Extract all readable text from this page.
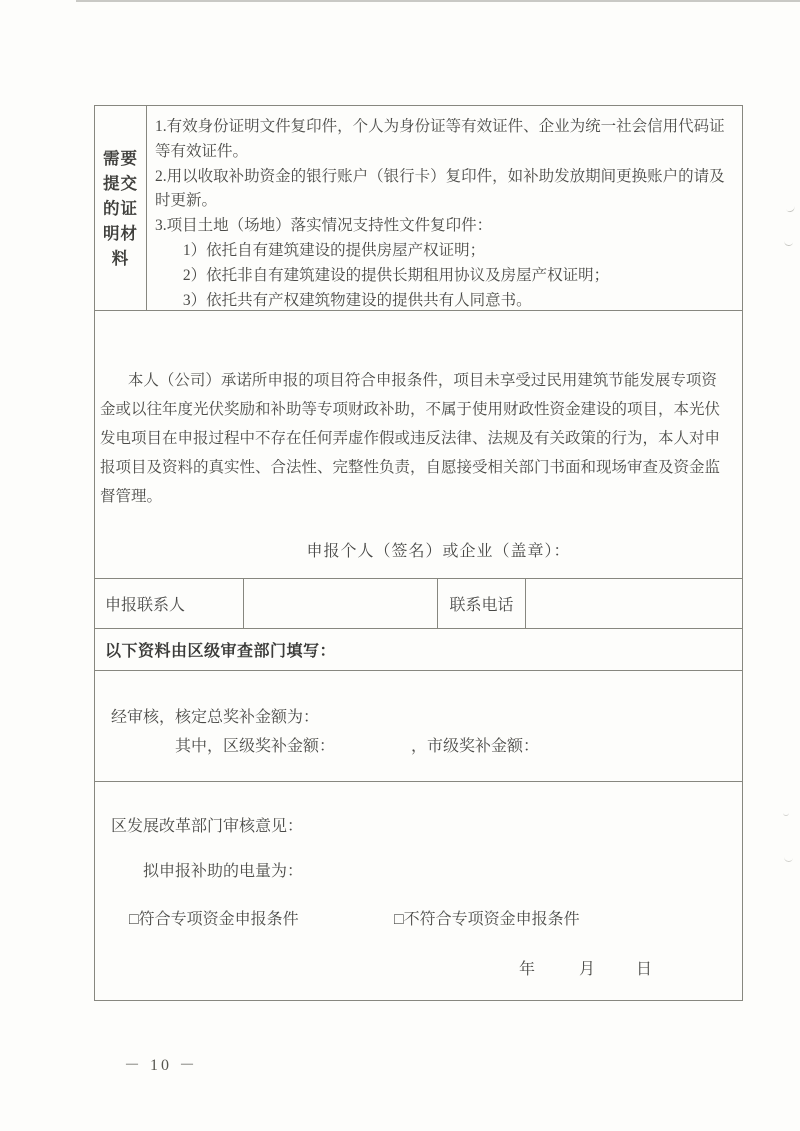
需要提交的证明材料
1.有效身份证明文件复印件，个人为身份证等有效证件、企业为统一社会信用代码证
等有效证件。
2.用以收取补助资金的银行账户（银行卡）复印件，如补助发放期间更换账户的请及
时更新。
3.项目土地（场地）落实情况支持性文件复印件：
1）依托自有建筑建设的提供房屋产权证明；
2）依托非自有建筑建设的提供长期租用协议及房屋产权证明；
3）依托共有产权建筑物建设的提供共有人同意书。
本人（公司）承诺所申报的项目符合申报条件，项目未享受过民用建筑节能发展专项资
金或以往年度光伏奖励和补助等专项财政补助，不属于使用财政性资金建设的项目，本光伏
发电项目在申报过程中不存在任何弄虚作假或违反法律、法规及有关政策的行为，本人对申
报项目及资料的真实性、合法性、完整性负责，自愿接受相关部门书面和现场审查及资金监
督管理。
申报个人（签名）或企业（盖章）：
申报联系人	联系电话
以下资料由区级审查部门填写：
经审核，核定总奖补金额为：
其中，区级奖补金额：	，市级奖补金额：
区发展改革部门审核意见：
拟申报补助的电量为：
□符合专项资金申报条件	□不符合专项资金申报条件
年	月	日
－ 10 －
